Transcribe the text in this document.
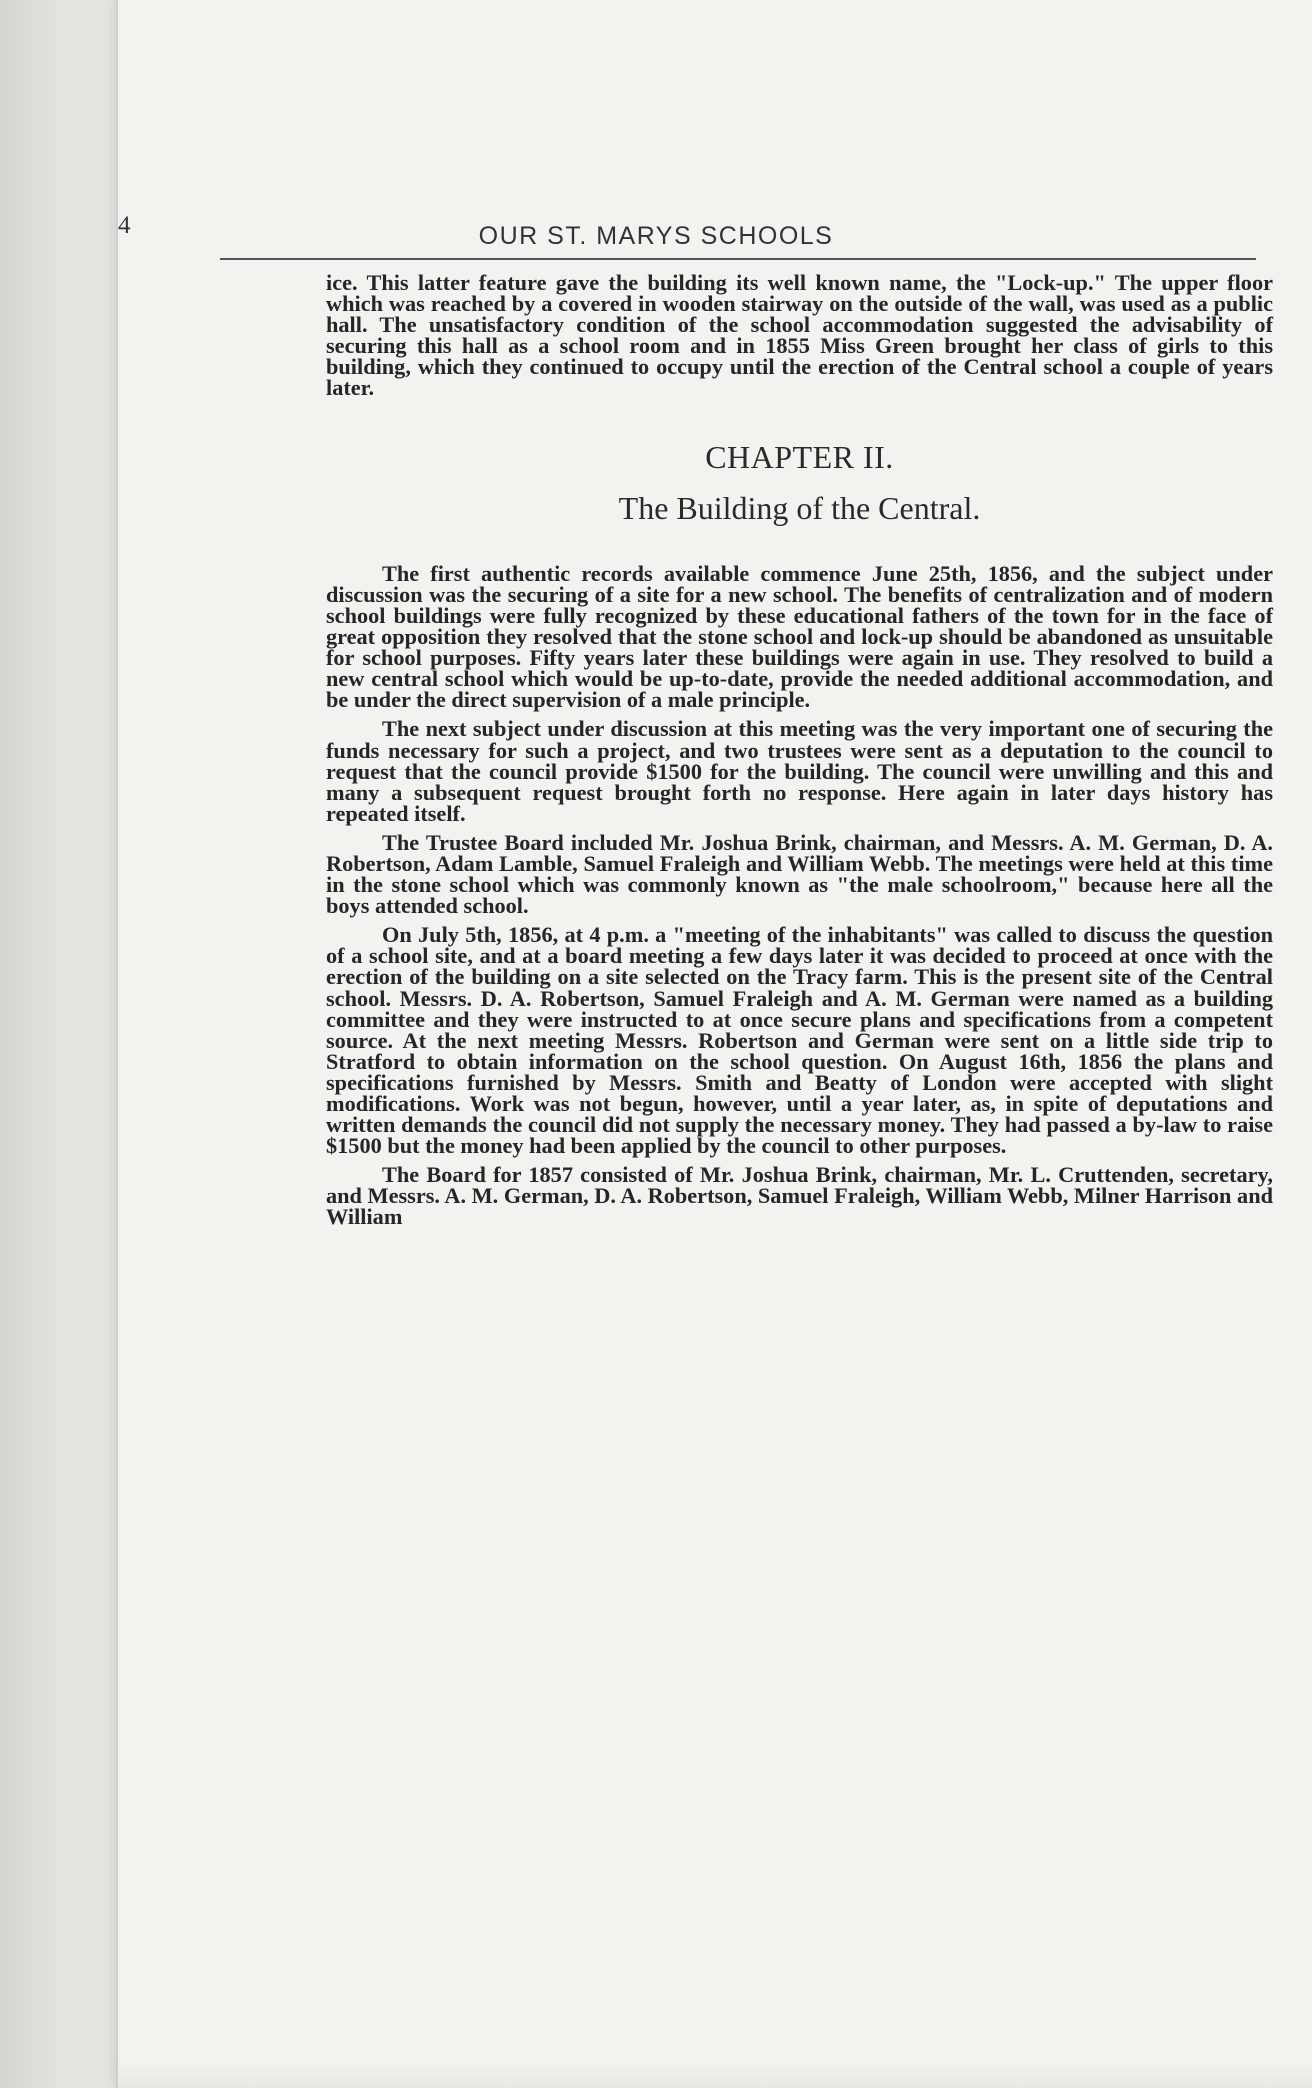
4	OUR ST. MARYS SCHOOLS

ice. This latter feature gave the building its well known name, the "Lock-up." The upper floor which was reached by a covered in wooden stairway on the outside of the wall, was used as a public hall. The unsatisfactory condition of the school accommodation suggested the advisability of securing this hall as a school room and in 1855 Miss Green brought her class of girls to this building, which they continued to occupy until the erection of the Central school a couple of years later.

CHAPTER II.
The Building of the Central.

The first authentic records available commence June 25th, 1856, and the subject under discussion was the securing of a site for a new school. The benefits of centralization and of modern school buildings were fully recognized by these educational fathers of the town for in the face of great opposition they resolved that the stone school and lock-up should be abandoned as unsuitable for school purposes. Fifty years later these buildings were again in use. They resolved to build a new central school which would be up-to-date, provide the needed additional accommodation, and be under the direct supervision of a male principle.

The next subject under discussion at this meeting was the very important one of securing the funds necessary for such a project, and two trustees were sent as a deputation to the council to request that the council provide $1500 for the building. The council were unwilling and this and many a subsequent request brought forth no response. Here again in later days history has repeated itself.

The Trustee Board included Mr. Joshua Brink, chairman, and Messrs. A. M. German, D. A. Robertson, Adam Lamble, Samuel Fraleigh and William Webb. The meetings were held at this time in the stone school which was commonly known as "the male schoolroom," because here all the boys attended school.

On July 5th, 1856, at 4 p.m. a "meeting of the inhabitants" was called to discuss the question of a school site, and at a board meeting a few days later it was decided to proceed at once with the erection of the building on a site selected on the Tracy farm. This is the present site of the Central school. Messrs. D. A. Robertson, Samuel Fraleigh and A. M. German were named as a building committee and they were instructed to at once secure plans and specifications from a competent source. At the next meeting Messrs. Robertson and German were sent on a little side trip to Stratford to obtain information on the school question. On August 16th, 1856 the plans and specifications furnished by Messrs. Smith and Beatty of London were accepted with slight modifications. Work was not begun, however, until a year later, as, in spite of deputations and written demands the council did not supply the necessary money. They had passed a by-law to raise $1500 but the money had been applied by the council to other purposes.

The Board for 1857 consisted of Mr. Joshua Brink, chairman, Mr. L. Cruttenden, secretary, and Messrs. A. M. German, D. A. Robertson, Samuel Fraleigh, William Webb, Milner Harrison and William
